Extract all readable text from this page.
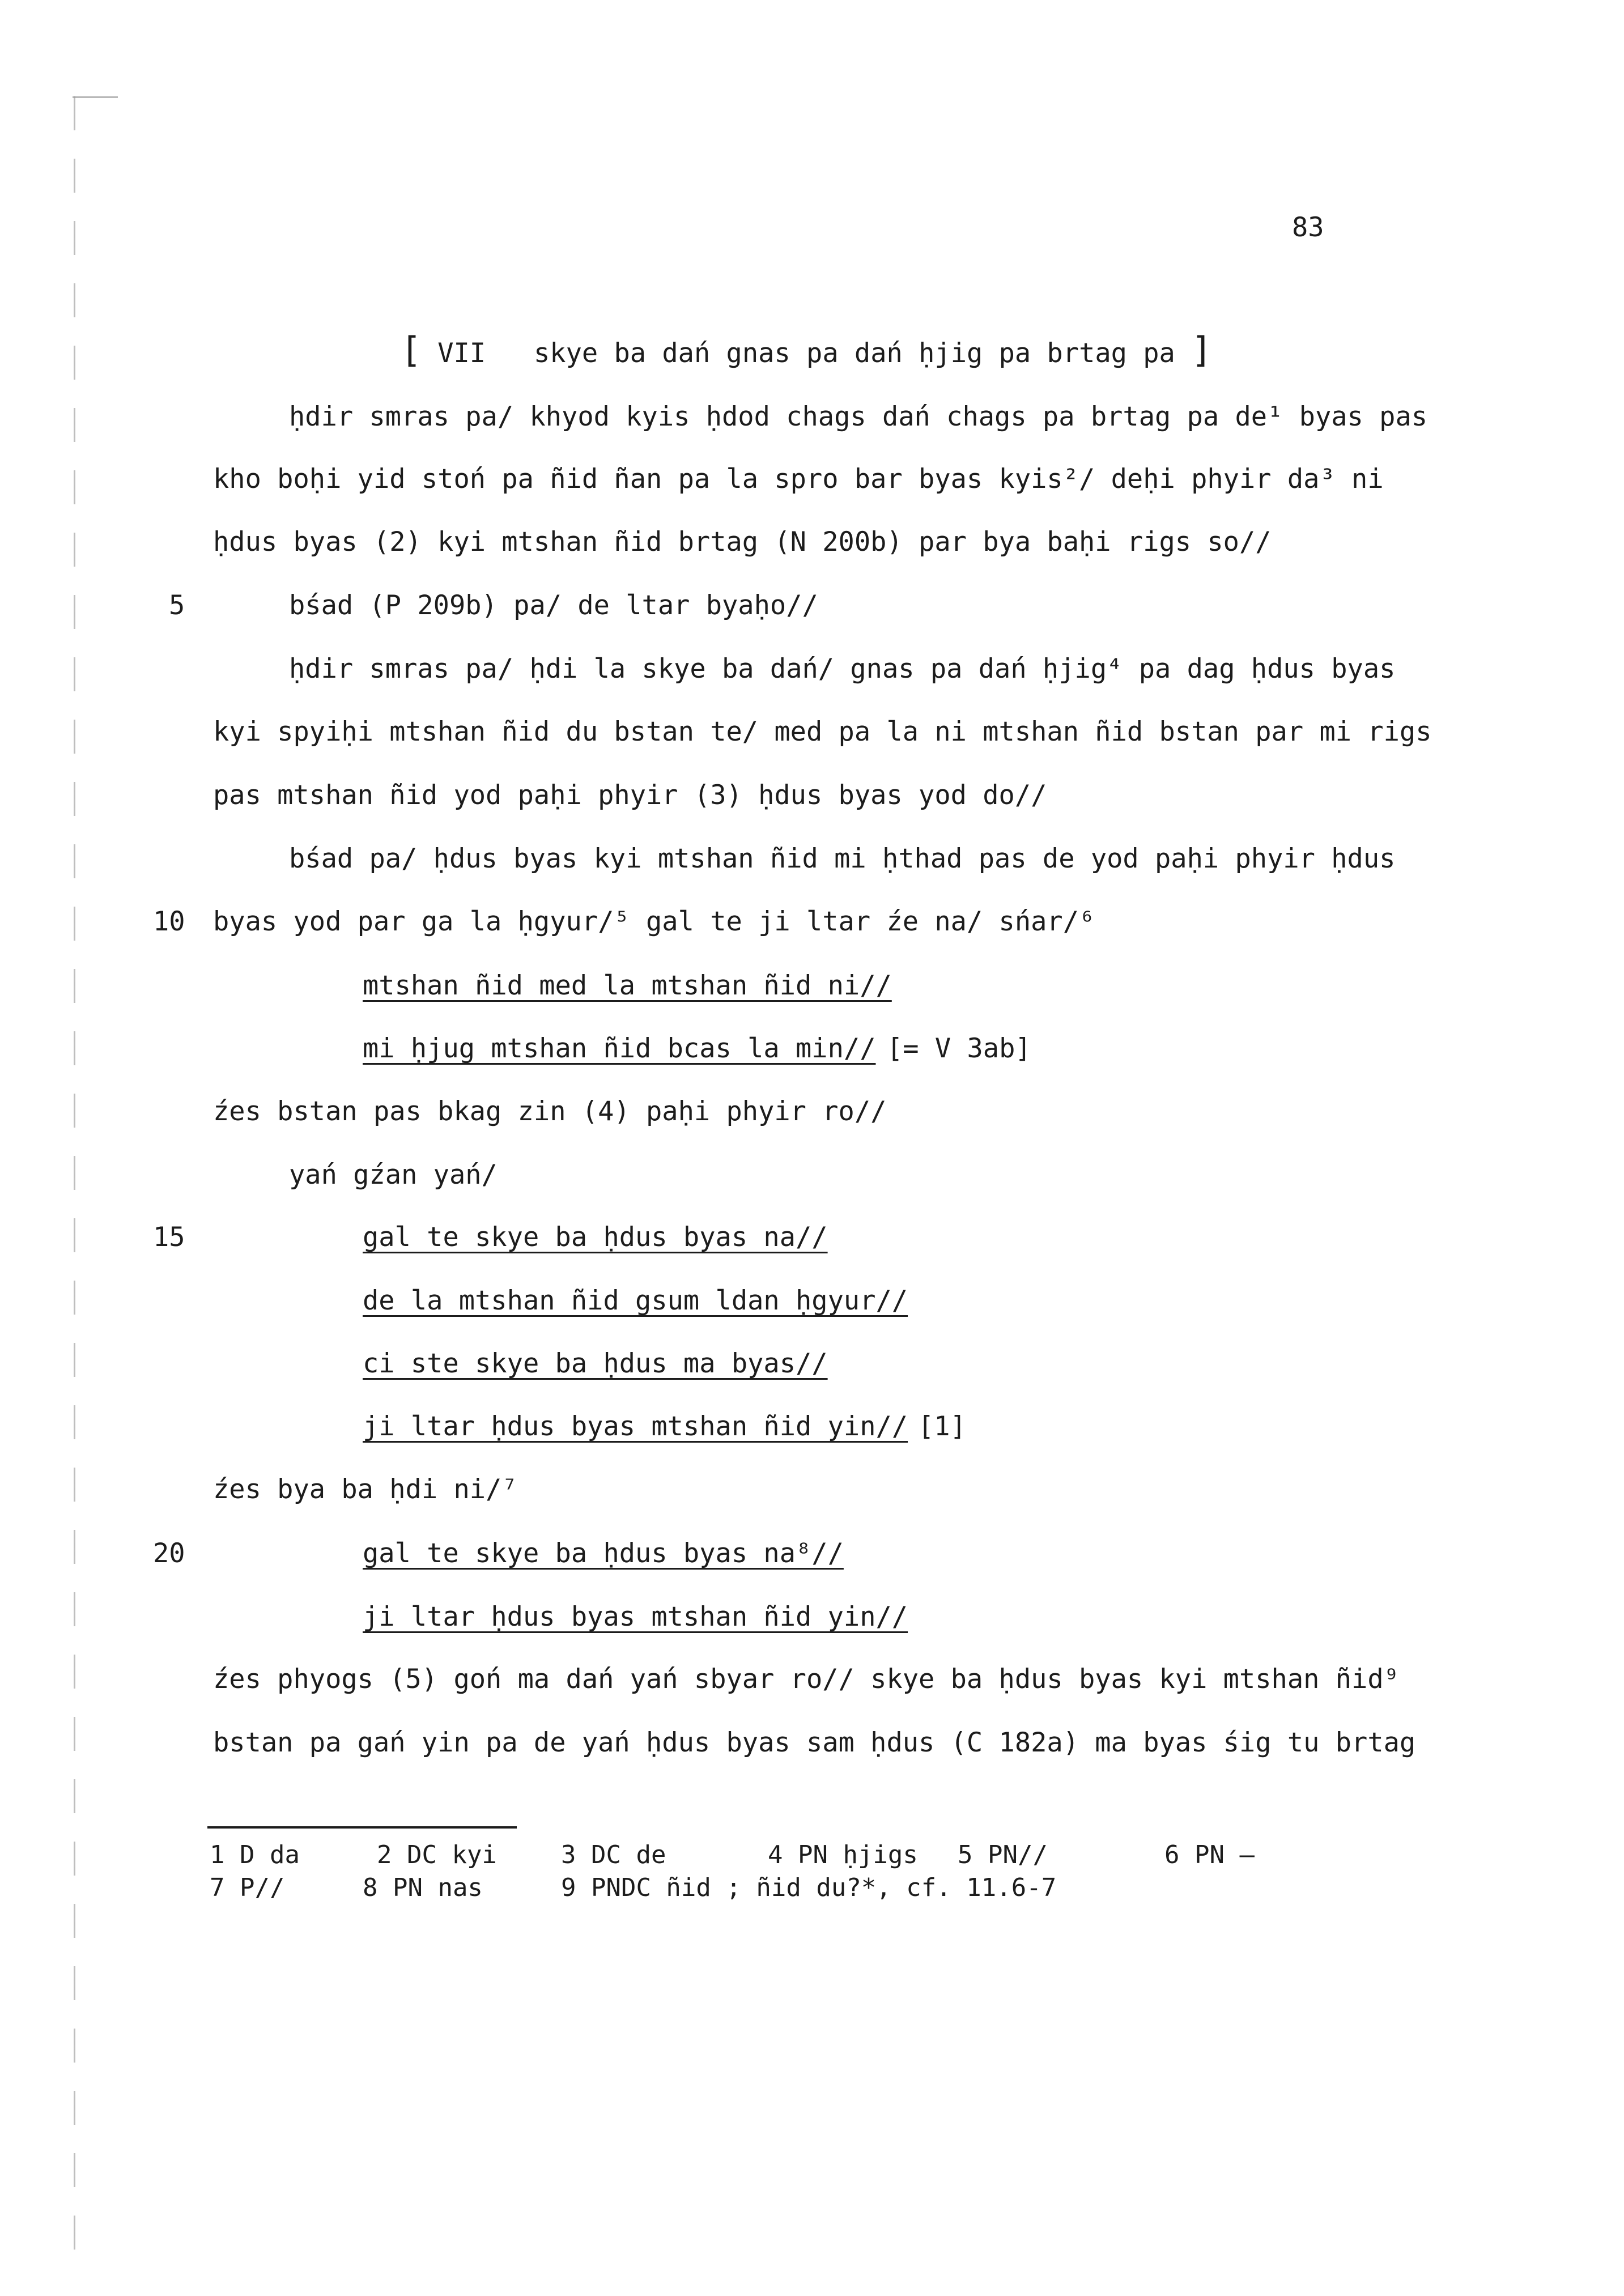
83

[ VII   skye ba dań gnas pa dań ḥjig pa brtag pa ]

ḥdir smras pa/ khyod kyis ḥdod chags dań chags pa brtag pa de¹ byas pas
kho boḥi yid stoń pa ñid ñan pa la spro bar byas kyis²/ deḥi phyir da³ ni
ḥdus byas (2) kyi mtshan ñid brtag (N 200b) par bya baḥi rigs so//
5	bśad (P 209b) pa/ de ltar byaḥo//
ḥdir smras pa/ ḥdi la skye ba dań/ gnas pa dań ḥjig⁴ pa dag ḥdus byas
kyi spyiḥi mtshan ñid du bstan te/ med pa la ni mtshan ñid bstan par mi rigs
pas mtshan ñid yod paḥi phyir (3) ḥdus byas yod do//
bśad pa/ ḥdus byas kyi mtshan ñid mi ḥthad pas de yod paḥi phyir ḥdus
10 byas yod par ga la ḥgyur/⁵ gal te ji ltar źe na/ sńar/⁶
mtshan ñid med la mtshan ñid ni//
mi ḥjug mtshan ñid bcas la min// [= V 3ab]
źes bstan pas bkag zin (4) paḥi phyir ro//
yań gźan yań/
15	gal te skye ba ḥdus byas na//
de la mtshan ñid gsum ldan ḥgyur//
ci ste skye ba ḥdus ma byas//
ji ltar ḥdus byas mtshan ñid yin// [1]
źes bya ba ḥdi ni/⁷
20	gal te skye ba ḥdus byas na⁸//
ji ltar ḥdus byas mtshan ñid yin//
źes phyogs (5) goń ma dań yań sbyar ro// skye ba ḥdus byas kyi mtshan ñid⁹
bstan pa gań yin pa de yań ḥdus byas sam ḥdus (C 182a) ma byas śig tu brtag
1 D da	2 DC kyi	3 DC de	4 PN ḥjigs 5 PN//	6 PN —
7 P//	8 PN nas	9 PNDC ñid ; ñid du?*, cf. 11.6-7
